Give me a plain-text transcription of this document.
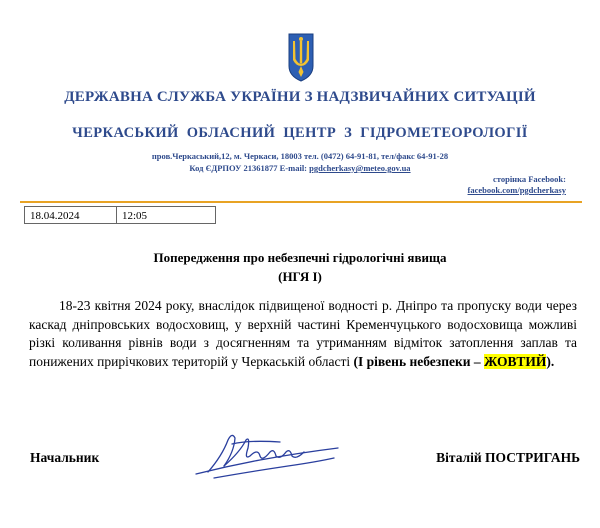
ДЕРЖАВНА СЛУЖБА УКРАЇНИ З НАДЗВИЧАЙНИХ СИТУАЦІЙ
ЧЕРКАСЬКИЙ ОБЛАСНИЙ ЦЕНТР З ГІДРОМЕТЕОРОЛОГІЇ
пров.Черкаський,12, м. Черкаси, 18003 тел. (0472) 64-91-81, тел/факс 64-91-28
Код ЄДРПОУ 21361877 E-mail: pgdcherkasy@meteo.gov.ua
сторінка Facebook:
facebook.com/pgdcherkasy
18.04.2024	12:05
Попередження про небезпечні гідрологічні явища
(НГЯ I)
18-23 квітня 2024 року, внаслідок підвищеної водності р. Дніпро та пропуску води через каскад дніпровських водосховищ, у верхній частині Кременчуцького водосховища можливі різкі коливання рівнів води з досягненням та утриманням відміток затоплення заплав та понижених прирічкових територій у Черкаській області (І рівень небезпеки – ЖОВТИЙ).
Начальник	Віталій ПОСТРИГАНЬ
